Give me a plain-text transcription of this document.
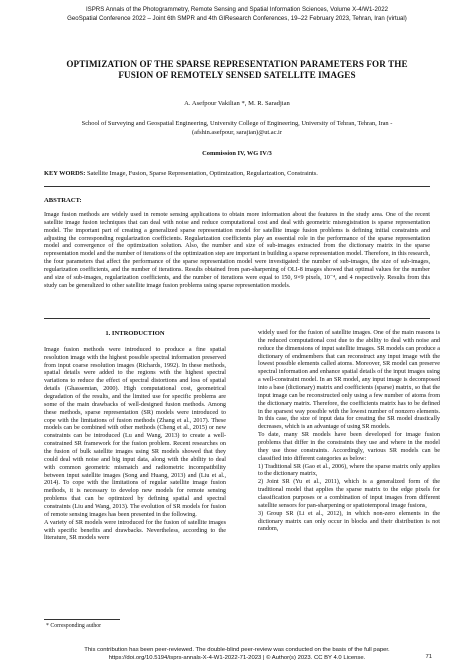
ISPRS Annals of the Photogrammetry, Remote Sensing and Spatial Information Sciences, Volume X-4/W1-2022
GeoSpatial Conference 2022 – Joint 6th SMPR and 4th GIResearch Conferences, 19–22 February 2023, Tehran, Iran (virtual)
OPTIMIZATION OF THE SPARSE REPRESENTATION PARAMETERS FOR THE
FUSION OF REMOTELY SENSED SATELLITE IMAGES
A. Asefpour Vakilian *, M. R. Saradjian
School of Surveying and Geospatial Engineering, University College of Engineering, University of Tehran, Tehran, Iran -
(afshin.asefpour, sarajian)@ut.ac.ir
Commission IV, WG IV/3
KEY WORDS: Satellite Image, Fusion, Sparse Representation, Optimization, Regularization, Constraints.
ABSTRACT:
Image fusion methods are widely used in remote sensing applications to obtain more information about the features in the study area. One of the recent satellite image fusion techniques that can deal with noise and reduce computational cost and deal with geometric misregistration is sparse representation model. The important part of creating a generalized sparse representation model for satellite image fusion problems is defining initial constraints and adjusting the corresponding regularization coefficients. Regularization coefficients play an essential role in the performance of the sparse representation model and convergence of the optimization solution. Also, the number and size of sub-images extracted from the dictionary matrix in the sparse representation model and the number of iterations of the optimization step are important in building a sparse representation model. Therefore, in this research, the four parameters that affect the performance of the sparse representation model were investigated: the number of sub-images, the size of sub-images, regularization coefficients, and the number of iterations. Results obtained from pan-sharpening of OLI-8 images showed that optimal values for the number and size of sub-images, regularization coefficients, and the number of iterations were equal to 150, 9×9 pixels, 10⁻⁴, and 4 respectively. Results from this study can be generalized to other satellite image fusion problems using sparse representation models.
1. INTRODUCTION

Image fusion methods were introduced to produce a fine spatial resolution image with the highest possible spectral information preserved from input coarse resolution images (Richards, 1992). In these methods, spatial details were added to the regions with the highest spectral variations to reduce the effect of spectral distortions and loss of spatial details (Ghassemian, 2000). High computational cost, geometrical degradation of the results, and the limited use for specific problems are some of the main drawbacks of well-designed fusion methods. Among these methods, sparse representation (SR) models were introduced to cope with the limitations of fusion methods (Zhang et al., 2017). These models can be combined with other methods (Cheng et al., 2015) or new constraints can be introduced (Lu and Wang, 2013) to create a well-constrained SR framework for the fusion problem. Recent researches on the fusion of bulk satellite images using SR models showed that they could deal with noise and big input data, along with the ability to deal with common geometric mismatch and radiometric incompatibility between input satellite images (Song and Huang, 2013) and (Liu et al., 2014). To cope with the limitations of regular satellite image fusion methods, it is necessary to develop new models for remote sensing problems that can be optimized by defining spatial and spectral constraints (Liu and Wang, 2013). The evolution of SR models for fusion of remote sensing images has been presented in the following.

A variety of SR models were introduced for the fusion of satellite images with specific benefits and drawbacks. Nevertheless, according to the literature, SR models were

widely used for the fusion of satellite images. One of the main reasons is the reduced computational cost due to the ability to deal with noise and reduce the dimensions of input satellite images. SR models can produce a dictionary of endmembers that can reconstruct any input image with the lowest possible elements called atoms. Moreover, SR model can preserve spectral information and enhance spatial details of the input images using a well-constraint model. In an SR model, any input image is decomposed into a base (dictionary) matrix and coefficients (sparse) matrix, so that the input image can be reconstructed only using a few number of atoms from the dictionary matrix. Therefore, the coefficients matrix has to be defined in the sparsest way possible with the lowest number of nonzero elements. In this case, the size of input data for creating the SR model drastically decreases, which is an advantage of using SR models.

To date, many SR models have been developed for image fusion problems that differ in the constraints they use and where in the model they use those constraints. Accordingly, various SR models can be classified into different categories as below:

1) Traditional SR (Gao et al., 2006), where the sparse matrix only applies to the dictionary matrix,

2) Joint SR (Yu et al., 2011), which is a generalized form of the traditional model that applies the sparse matrix to the edge pixels for classification purposes or a combination of input images from different satellite sensors for pan-sharpening or spatiotemporal image fusions,

3) Group SR (Li et al., 2012), in which non-zero elements in the dictionary matrix can only occur in blocks and their distribution is not random,

* Corresponding author
This contribution has been peer-reviewed. The double-blind peer-review was conducted on the basis of the full paper.
https://doi.org/10.5194/isprs-annals-X-4-W1-2022-71-2023 | © Author(s) 2023. CC BY 4.0 License.	71
